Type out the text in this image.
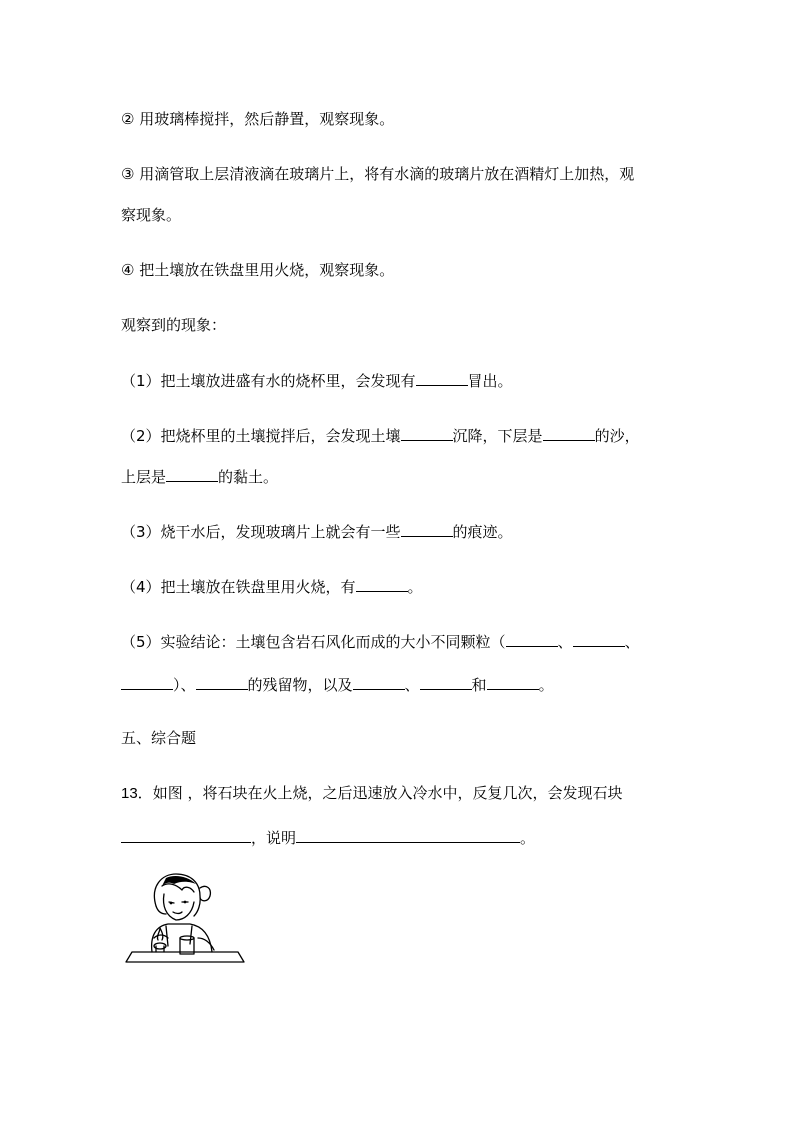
② 用玻璃棒搅拌，然后静置，观察现象。
③ 用滴管取上层清液滴在玻璃片上，将有水滴的玻璃片放在酒精灯上加热，观
察现象。
④ 把土壤放在铁盘里用火烧，观察现象。
观察到的现象：
（1）把土壤放进盛有水的烧杯里，会发现有	冒出。
（2）把烧杯里的土壤搅拌后，会发现土壤	沉降，下层是	的沙，
上层是	的黏土。
（3）烧干水后，发现玻璃片上就会有一些	的痕迹。
（4）把土壤放在铁盘里用火烧，有	。
（5）实验结论：土壤包含岩石风化而成的大小不同颗粒（	、	、
）、	的残留物，以及	、	和	。
五、综合题
13．如图 ，将石块在火上烧，之后迅速放入冷水中，反复几次，会发现石块
，说明	。
